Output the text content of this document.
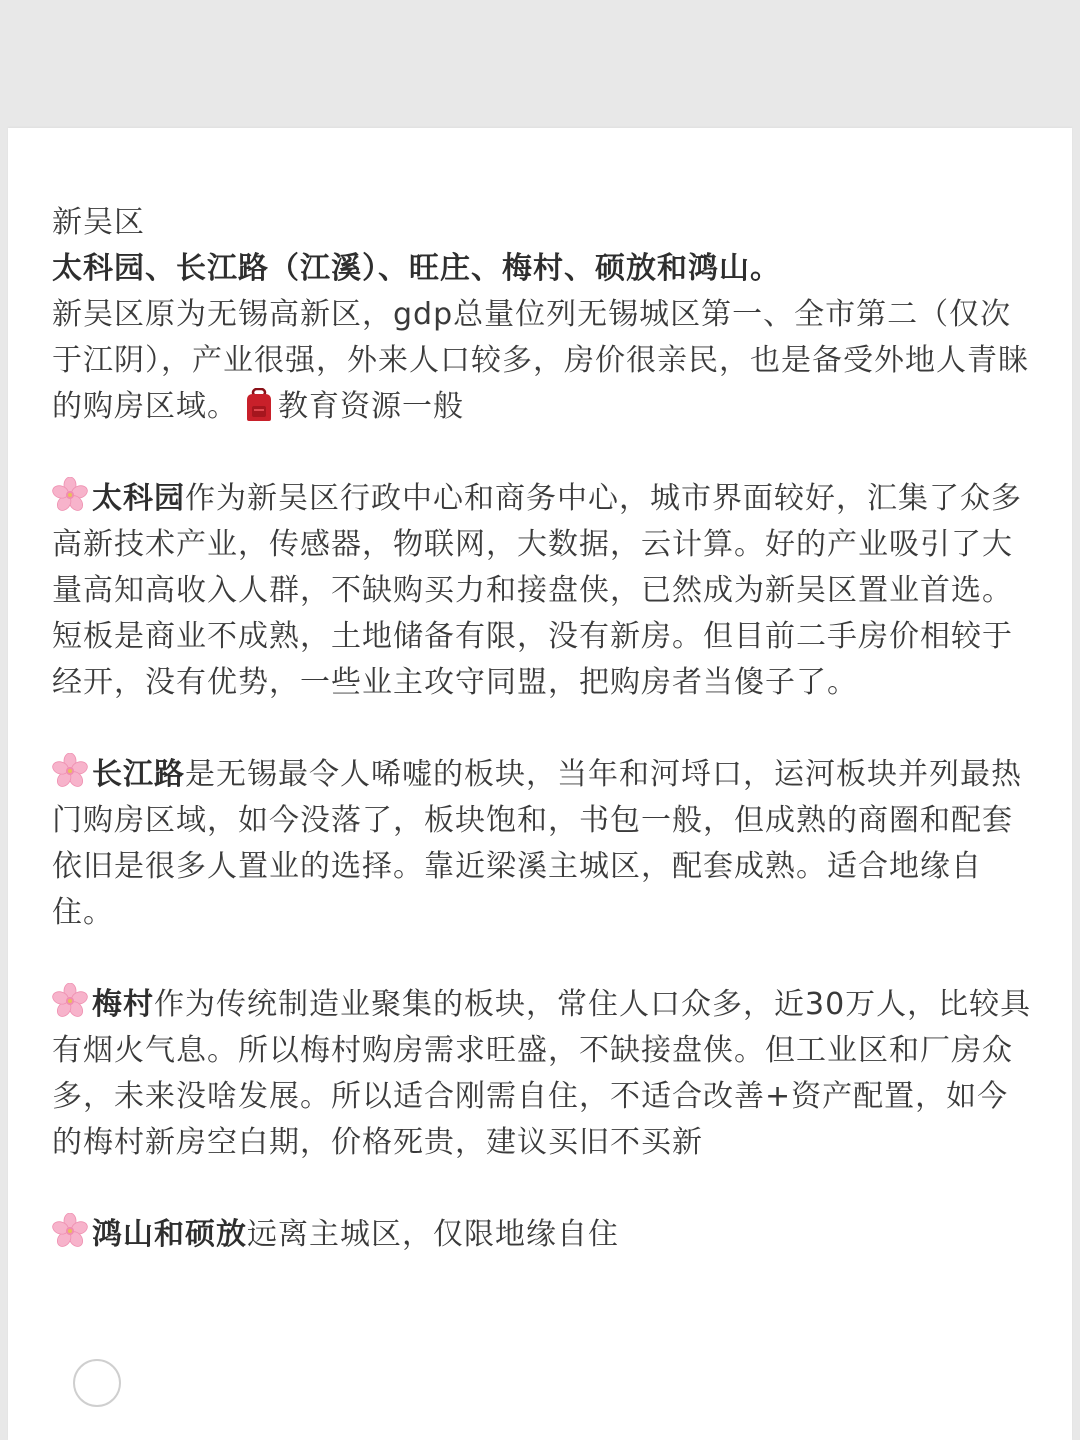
新吴区

太科园、长江路（江溪）、旺庄、梅村、硕放和鸿山。

新吴区原为无锡高新区，gdp总量位列无锡城区第一、全市第二（仅次于江阴），产业很强，外来人口较多，房价很亲民，也是备受外地人青睐的购房区域。 教育资源一般

太科园作为新吴区行政中心和商务中心，城市界面较好，汇集了众多高新技术产业，传感器，物联网，大数据，云计算。好的产业吸引了大量高知高收入人群，不缺购买力和接盘侠，已然成为新吴区置业首选。短板是商业不成熟，土地储备有限，没有新房。但目前二手房价相较于经开，没有优势，一些业主攻守同盟，把购房者当傻子了。

长江路是无锡最令人唏嘘的板块，当年和河埒口，运河板块并列最热门购房区域，如今没落了，板块饱和，书包一般，但成熟的商圈和配套依旧是很多人置业的选择。靠近梁溪主城区，配套成熟。适合地缘自住。

梅村作为传统制造业聚集的板块，常住人口众多，近30万人，比较具有烟火气息。所以梅村购房需求旺盛，不缺接盘侠。但工业区和厂房众多，未来没啥发展。所以适合刚需自住，不适合改善+资产配置，如今的梅村新房空白期，价格死贵，建议买旧不买新

鸿山和硕放远离主城区，仅限地缘自住
